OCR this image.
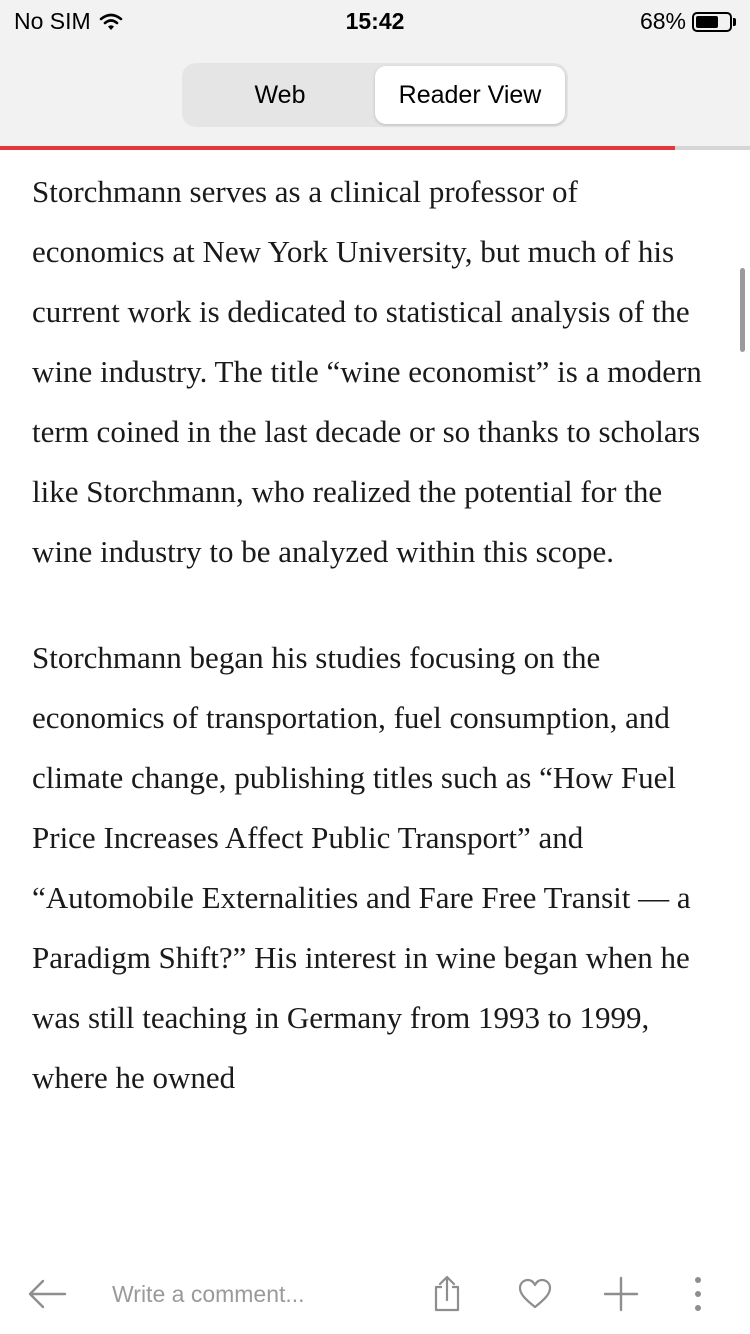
No SIM	15:42	68%
Web	Reader View

Storchmann serves as a clinical professor of economics at New York University, but much of his current work is dedicated to statistical analysis of the wine industry. The title “wine economist” is a modern term coined in the last decade or so thanks to scholars like Storchmann, who realized the potential for the wine industry to be analyzed within this scope.

Storchmann began his studies focusing on the economics of transportation, fuel consumption, and climate change, publishing titles such as “How Fuel Price Increases Affect Public Transport” and “Automobile Externalities and Fare Free Transit — a Paradigm Shift?” His interest in wine began when he was still teaching in Germany from 1993 to 1999, where he owned

Write a comment...
